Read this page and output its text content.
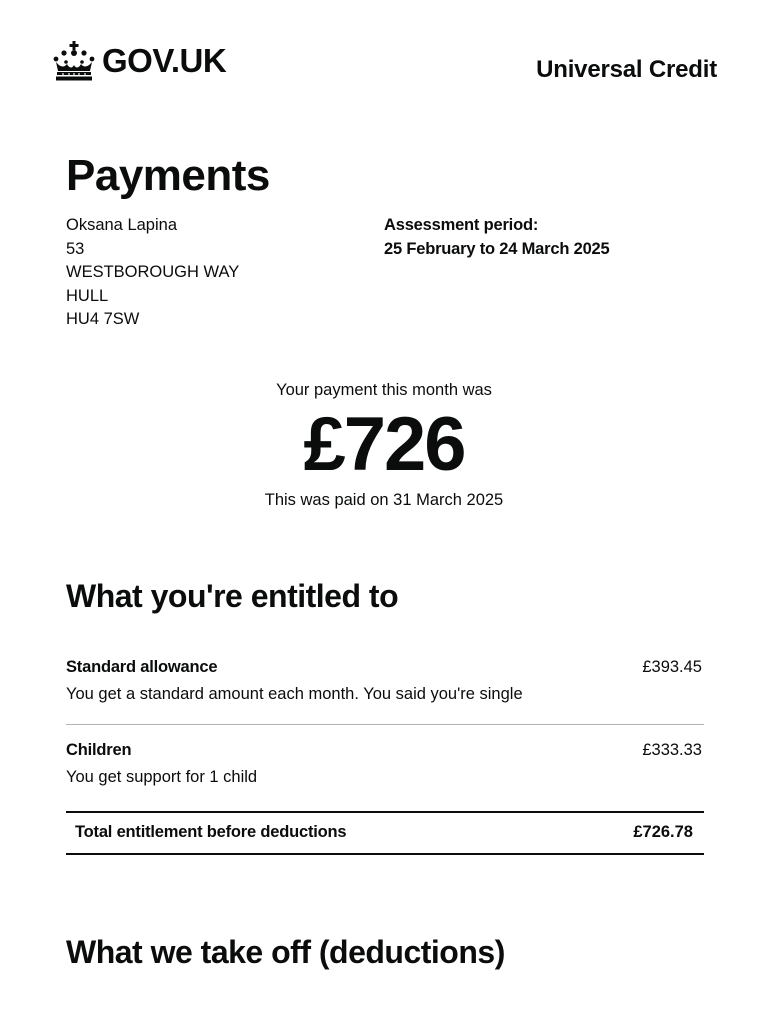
GOV.UK	Universal Credit
Payments
Oksana Lapina
53
WESTBOROUGH WAY
HULL
HU4 7SW
Assessment period:
25 February to 24 March 2025
Your payment this month was
£726
This was paid on 31 March 2025
What you're entitled to
Standard allowance
You get a standard amount each month. You said you're single
£393.45
Children
You get support for 1 child
£333.33
Total entitlement before deductions	£726.78
What we take off (deductions)
